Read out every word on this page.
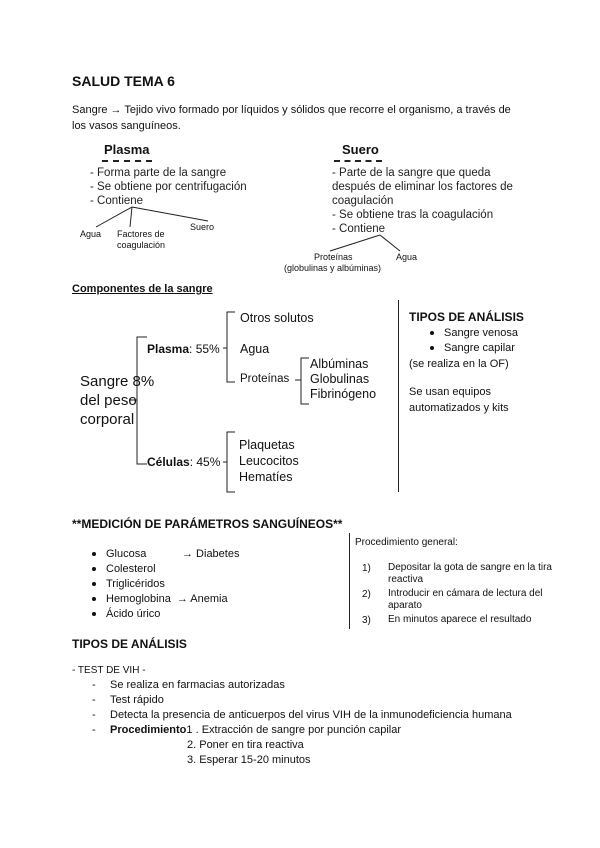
SALUD TEMA 6
Sangre → Tejido vivo formado por líquidos y sólidos que recorre el organismo, a través de
los vasos sanguíneos.
Plasma
- Forma parte de la sangre
- Se obtiene por centrifugación
- Contiene
Agua Factores de
coagulación
Suero
Suero
- Parte de la sangre que queda
después de eliminar los factores de
coagulación
- Se obtiene tras la coagulación
- Contiene
Proteínas
(globulinas y albúminas)
Agua
Componentes de la sangre
Sangre 8%
del peso
corporal
Plasma: 55%
Otros solutos
Agua
Proteínas
Albúminas
Globulinas
Fibrinógeno
Células: 45%
Plaquetas
Leucocitos
Hematíes
TIPOS DE ANÁLISIS
Sangre venosa
Sangre capilar
(se realiza en la OF)
Se usan equipos
automatizados y kits
**MEDICIÓN DE PARÁMETROS SANGUÍNEOS**
Glucosa	→ Diabetes
Colesterol
Triglicéridos
Hemoglobina → Anemia
Ácido úrico
Procedimiento general:
1) Depositar la gota de sangre en la tira
reactiva
2) Introducir en cámara de lectura del
aparato
3) En minutos aparece el resultado
TIPOS DE ANÁLISIS
- TEST DE VIH -
- Se realiza en farmacias autorizadas
- Test rápido
- Detecta la presencia de anticuerpos del virus VIH de la inmunodeficiencia humana
- Procedimiento1 . Extracción de sangre por punción capilar
2. Poner en tira reactiva
3. Esperar 15-20 minutos
